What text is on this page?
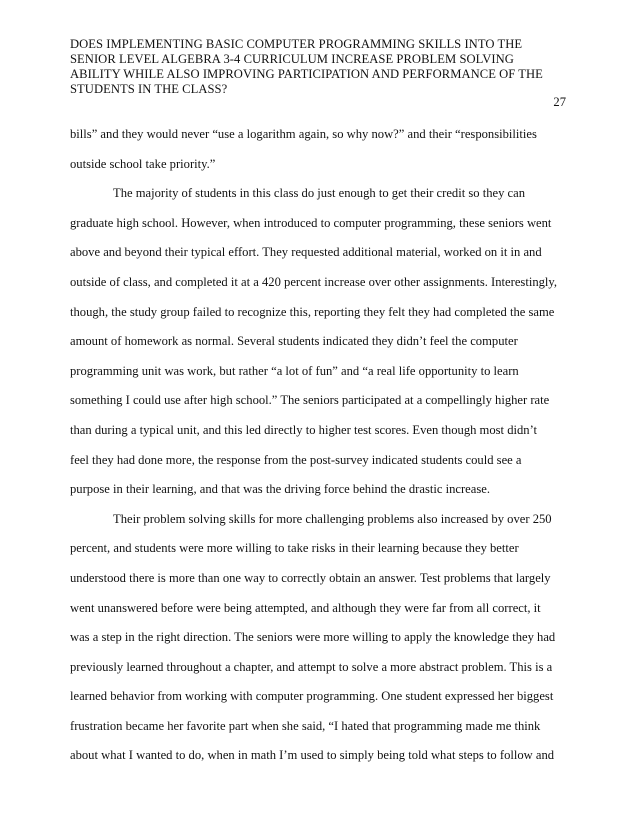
DOES IMPLEMENTING BASIC COMPUTER PROGRAMMING SKILLS INTO THE
SENIOR LEVEL ALGEBRA 3-4 CURRICULUM INCREASE PROBLEM SOLVING
ABILITY WHILE ALSO IMPROVING PARTICIPATION AND PERFORMANCE OF THE
STUDENTS IN THE CLASS?
27
bills” and they would never “use a logarithm again, so why now?” and their “responsibilities
outside school take priority.”
The majority of students in this class do just enough to get their credit so they can
graduate high school. However, when introduced to computer programming, these seniors went
above and beyond their typical effort. They requested additional material, worked on it in and
outside of class, and completed it at a 420 percent increase over other assignments. Interestingly,
though, the study group failed to recognize this, reporting they felt they had completed the same
amount of homework as normal. Several students indicated they didn’t feel the computer
programming unit was work, but rather “a lot of fun” and “a real life opportunity to learn
something I could use after high school.” The seniors participated at a compellingly higher rate
than during a typical unit, and this led directly to higher test scores. Even though most didn’t
feel they had done more, the response from the post-survey indicated students could see a
purpose in their learning, and that was the driving force behind the drastic increase.
Their problem solving skills for more challenging problems also increased by over 250
percent, and students were more willing to take risks in their learning because they better
understood there is more than one way to correctly obtain an answer. Test problems that largely
went unanswered before were being attempted, and although they were far from all correct, it
was a step in the right direction. The seniors were more willing to apply the knowledge they had
previously learned throughout a chapter, and attempt to solve a more abstract problem. This is a
learned behavior from working with computer programming. One student expressed her biggest
frustration became her favorite part when she said, “I hated that programming made me think
about what I wanted to do, when in math I’m used to simply being told what steps to follow and
